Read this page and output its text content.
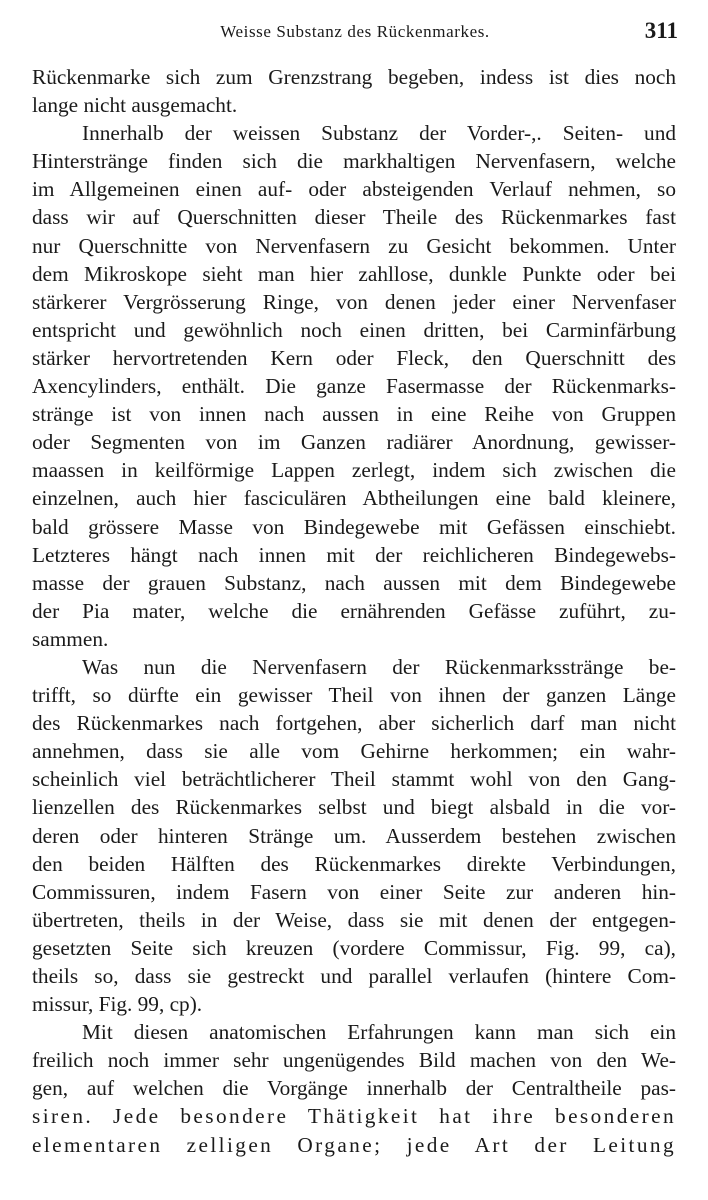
Weisse Substanz des Rückenmarkes.	311
Rückenmarke sich zum Grenzstrang begeben, indess ist dies noch
lange nicht ausgemacht.
Innerhalb der weissen Substanz der Vorder-,. Seiten- und
Hinterstränge finden sich die markhaltigen Nervenfasern, welche
im Allgemeinen einen auf- oder absteigenden Verlauf nehmen, so
dass wir auf Querschnitten dieser Theile des Rückenmarkes fast
nur Querschnitte von Nervenfasern zu Gesicht bekommen. Unter
dem Mikroskope sieht man hier zahllose, dunkle Punkte oder bei
stärkerer Vergrösserung Ringe, von denen jeder einer Nervenfaser
entspricht und gewöhnlich noch einen dritten, bei Carminfärbung
stärker hervortretenden Kern oder Fleck, den Querschnitt des
Axencylinders, enthält. Die ganze Fasermasse der Rückenmarks-
stränge ist von innen nach aussen in eine Reihe von Gruppen
oder Segmenten von im Ganzen radiärer Anordnung, gewisser-
maassen in keilförmige Lappen zerlegt, indem sich zwischen die
einzelnen, auch hier fasciculären Abtheilungen eine bald kleinere,
bald grössere Masse von Bindegewebe mit Gefässen einschiebt.
Letzteres hängt nach innen mit der reichlicheren Bindegewebs-
masse der grauen Substanz, nach aussen mit dem Bindegewebe
der Pia mater, welche die ernährenden Gefässe zuführt, zu-
sammen.
Was nun die Nervenfasern der Rückenmarksstränge be-
trifft, so dürfte ein gewisser Theil von ihnen der ganzen Länge
des Rückenmarkes nach fortgehen, aber sicherlich darf man nicht
annehmen, dass sie alle vom Gehirne herkommen; ein wahr-
scheinlich viel beträchtlicherer Theil stammt wohl von den Gang-
lienzellen des Rückenmarkes selbst und biegt alsbald in die vor-
deren oder hinteren Stränge um. Ausserdem bestehen zwischen
den beiden Hälften des Rückenmarkes direkte Verbindungen,
Commissuren, indem Fasern von einer Seite zur anderen hin-
übertreten, theils in der Weise, dass sie mit denen der entgegen-
gesetzten Seite sich kreuzen (vordere Commissur, Fig. 99, ca),
theils so, dass sie gestreckt und parallel verlaufen (hintere Com-
missur, Fig. 99, cp).
Mit diesen anatomischen Erfahrungen kann man sich ein
freilich noch immer sehr ungenügendes Bild machen von den We-
gen, auf welchen die Vorgänge innerhalb der Centraltheile pas-
siren. Jede besondere Thätigkeit hat ihre besonderen
elementaren zelligen Organe; jede Art der Leitung
